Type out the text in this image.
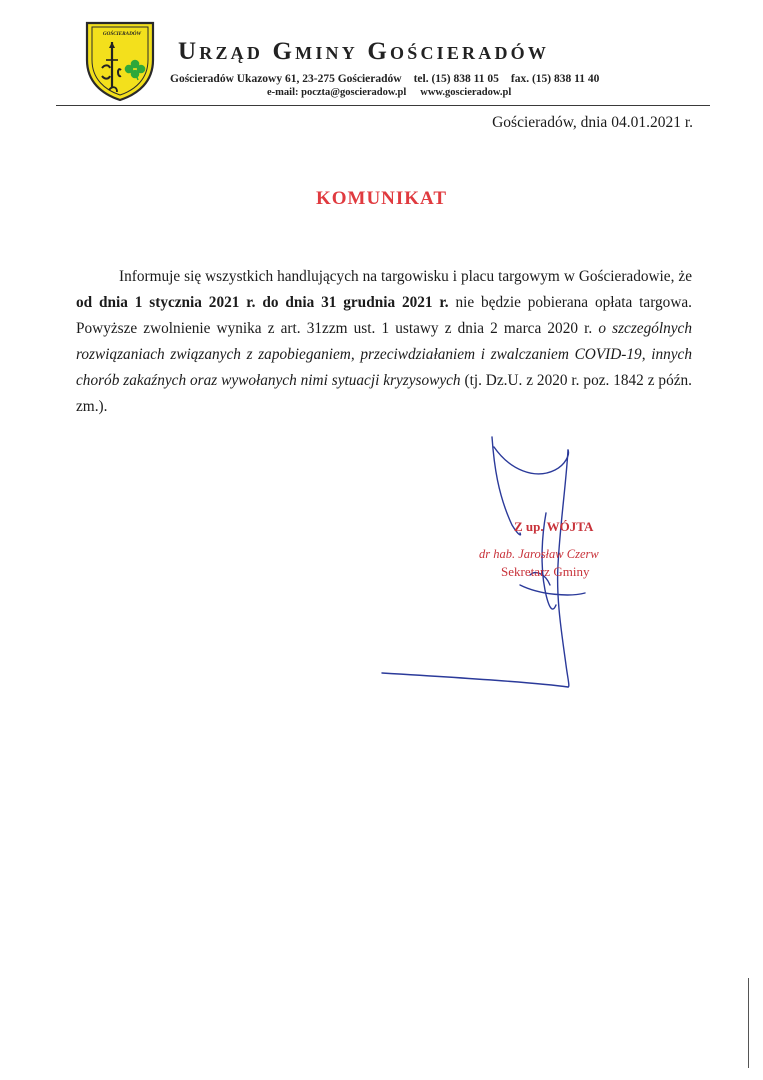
GOŚCIERADÓW
Urząd Gminy Gościeradów
Gościeradów Ukazowy 61, 23-275 Gościeradów tel. (15) 838 11 05 fax. (15) 838 11 40
e-mail: poczta@goscieradow.pl www.goscieradow.pl
Gościeradów, dnia 04.01.2021 r.
KOMUNIKAT

Informuje się wszystkich handlujących na targowisku i placu targowym w Gościeradowie, że od dnia 1 stycznia 2021 r. do dnia 31 grudnia 2021 r. nie będzie pobierana opłata targowa. Powyższe zwolnienie wynika z art. 31zzm ust. 1 ustawy z dnia 2 marca 2020 r. o szczególnych rozwiązaniach związanych z zapobieganiem, przeciwdziałaniem i zwalczaniem COVID-19, innych chorób zakaźnych oraz wywołanych nimi sytuacji kryzysowych (tj. Dz.U. z 2020 r. poz. 1842 z późn. zm.).

Z up. WÓJTA
dr hab. Jarosław Czerw
Sekretarz Gminy
